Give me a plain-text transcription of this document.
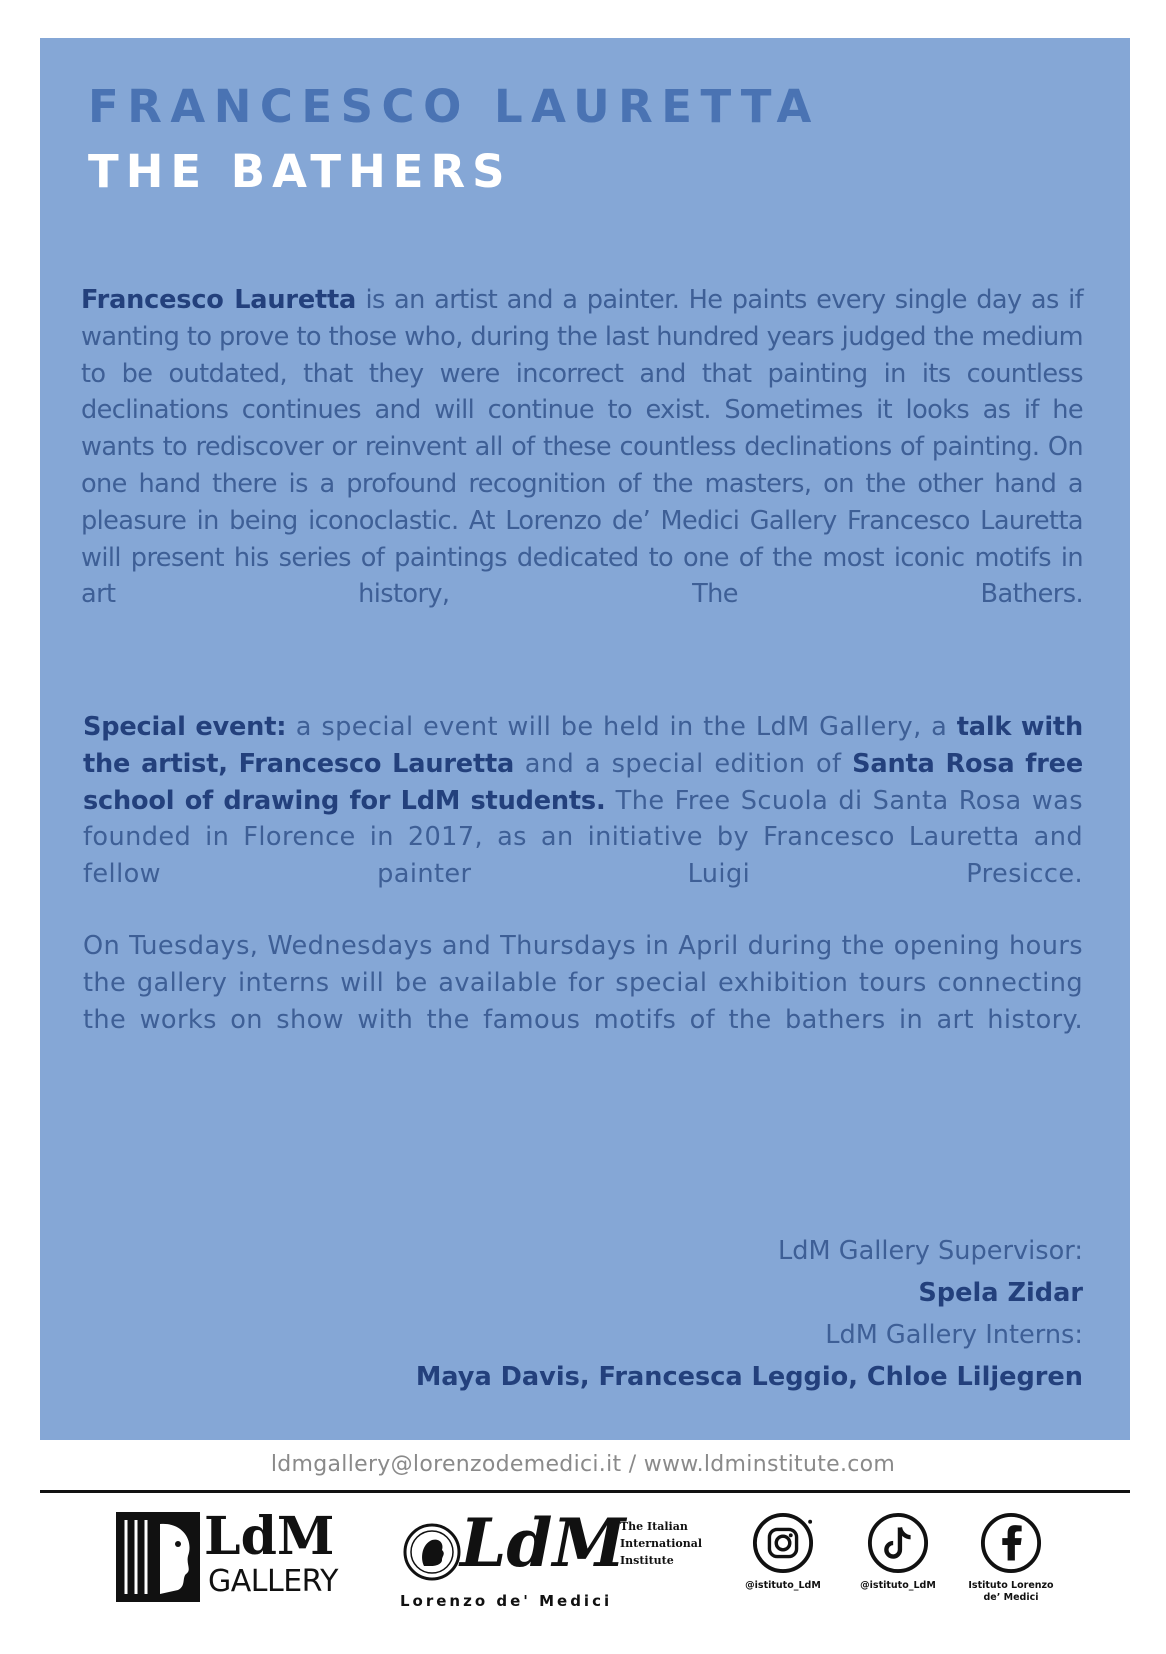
FRANCESCO LAURETTA
THE BATHERS

Francesco Lauretta is an artist and a painter. He paints every single day as if wanting to prove to those who, during the last hundred years judged the medium to be outdated, that they were incorrect and that painting in its countless declinations continues and will continue to exist. Sometimes it looks as if he wants to rediscover or reinvent all of these countless declinations of painting. On one hand there is a profound recognition of the masters, on the other hand a pleasure in being iconoclastic. At Lorenzo de’ Medici Gallery Francesco Lauretta will present his series of paintings dedicated to one of the most iconic motifs in art history, The Bathers.

Special event: a special event will be held in the LdM Gallery, a talk with the artist, Francesco Lauretta and a special edition of Santa Rosa free school of drawing for LdM students. The Free Scuola di Santa Rosa was founded in Florence in 2017, as an initiative by Francesco Lauretta and fellow painter Luigi Presicce.

On Tuesdays, Wednesdays and Thursdays in April during the opening hours the gallery interns will be available for special exhibition tours connecting the works on show with the famous motifs of the bathers in art history.

LdM Gallery Supervisor:
Spela Zidar
LdM Gallery Interns:
Maya Davis, Francesca Leggio, Chloe Liljegren
ldmgallery@lorenzodemedici.it / www.ldminstitute.com
LdM
GALLERY LdM
Lorenzo de' Medici
The Italian
International
Institute
@istituto_LdM	@istituto_LdM	Istituto Lorenzo
de’ Medici
